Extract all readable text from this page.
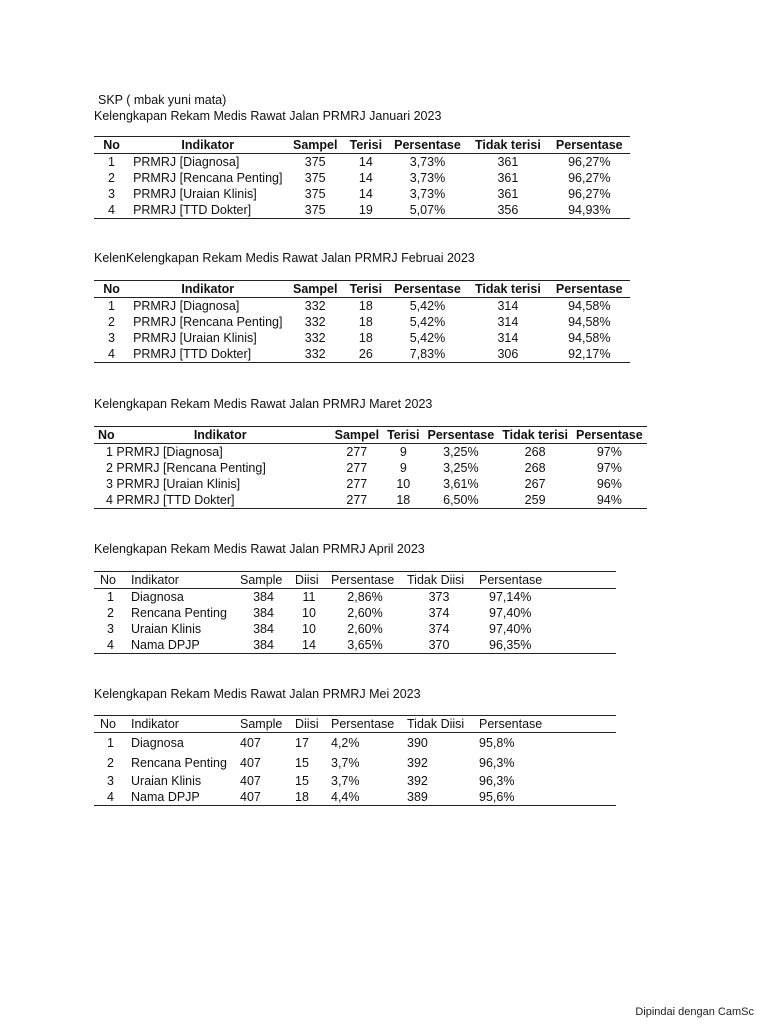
SKP ( mbak yuni mata)
Kelengkapan Rekam Medis Rawat Jalan PRMRJ Januari 2023
No	Indikator	Sampel	Terisi	Persentase	Tidak terisi	Persentase
1	PRMRJ [Diagnosa]	375	14	3,73%	361	96,27%
2	PRMRJ [Rencana Penting]	375	14	3,73%	361	96,27%
3	PRMRJ [Uraian Klinis]	375	14	3,73%	361	96,27%
4	PRMRJ [TTD Dokter]	375	19	5,07%	356	94,93%
KelenKelengkapan Rekam Medis Rawat Jalan PRMRJ Februai 2023
No	Indikator	Sampel	Terisi	Persentase	Tidak terisi	Persentase
1	PRMRJ [Diagnosa]	332	18	5,42%	314	94,58%
2	PRMRJ [Rencana Penting]	332	18	5,42%	314	94,58%
3	PRMRJ [Uraian Klinis]	332	18	5,42%	314	94,58%
4	PRMRJ [TTD Dokter]	332	26	7,83%	306	92,17%
Kelengkapan Rekam Medis Rawat Jalan PRMRJ Maret 2023
No	Indikator	Sampel	Terisi	Persentase	Tidak terisi	Persentase
1 PRMRJ [Diagnosa]		277	9	3,25%	268	97%
2 PRMRJ [Rencana Penting]		277	9	3,25%	268	97%
3 PRMRJ [Uraian Klinis]		277	10	3,61%	267	96%
4 PRMRJ [TTD Dokter]		277	18	6,50%	259	94%
Kelengkapan Rekam Medis Rawat Jalan PRMRJ April 2023
No	Indikator	Sample	Diisi	Persentase	Tidak Diisi	Persentase
1	Diagnosa	384	11	2,86%	373	97,14%
2	Rencana Penting	384	10	2,60%	374	97,40%
3	Uraian Klinis	384	10	2,60%	374	97,40%
4	Nama DPJP	384	14	3,65%	370	96,35%
Kelengkapan Rekam Medis Rawat Jalan PRMRJ Mei 2023
No	Indikator	Sample	Diisi	Persentase	Tidak Diisi	Persentase
1	Diagnosa	407	17	4,2%	390	95,8%
2	Rencana Penting	407	15	3,7%	392	96,3%
3	Uraian Klinis	407	15	3,7%	392	96,3%
4	Nama DPJP	407	18	4,4%	389	95,6%
Dipindai dengan CamSc
